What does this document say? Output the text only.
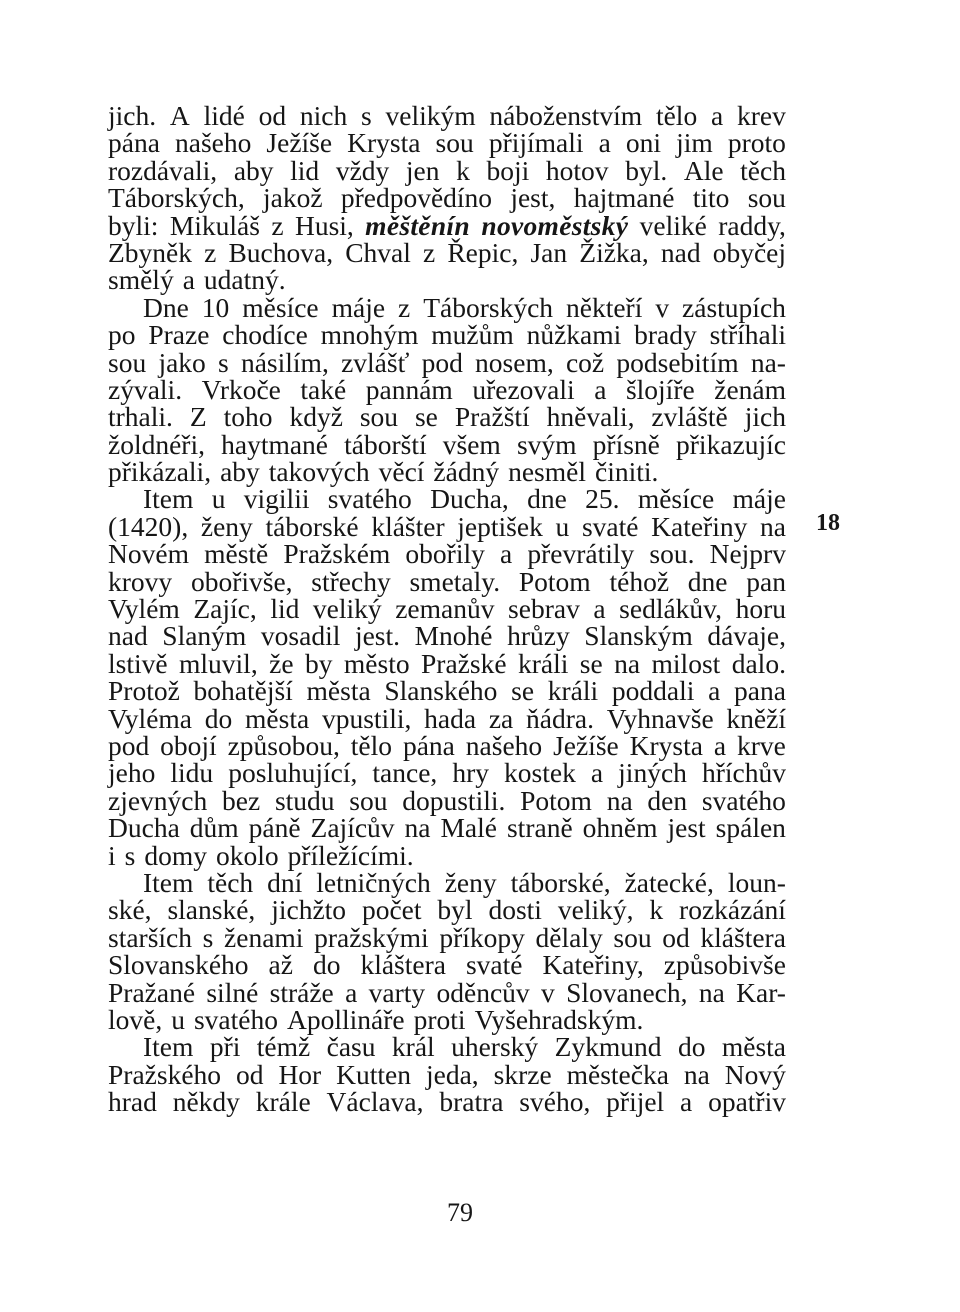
jich. A lidé od nich s velikým náboženstvím tělo a krev
pána našeho Ježíše Krysta sou přijímali a oni jim proto
rozdávali, aby lid vždy jen k boji hotov byl. Ale těch
Táborských, jakož předpovědíno jest, hajtmané tito sou
byli: Mikuláš z Husi, měštěnín novoměstský veliké raddy,
Zbyněk z Buchova, Chval z Řepic, Jan Žižka, nad obyčej
smělý a udatný.
Dne 10 měsíce máje z Táborských někteří v zástupích
po Praze chodíce mnohým mužům nůžkami brady stříhali
sou jako s násilím, zvlášť pod nosem, což podsebitím na-
zývali. Vrkoče také pannám uřezovali a šlojíře ženám
trhali. Z toho když sou se Pražští hněvali, zvláště jich
žoldnéři, haytmané táborští všem svým přísně přikazujíc
přikázali, aby takových věcí žádný nesměl činiti.
Item u vigilii svatého Ducha, dne 25. měsíce máje
(1420), ženy táborské klášter jeptišek u svaté Kateřiny na
Novém městě Pražském obořily a převrátily sou. Nejprv
krovy obořivše, střechy smetaly. Potom téhož dne pan
Vylém Zajíc, lid veliký zemanův sebrav a sedlákův, horu
nad Slaným vosadil jest. Mnohé hrůzy Slanským dávaje,
lstivě mluvil, že by město Pražské králi se na milost dalo.
Protož bohatější města Slanského se králi poddali a pana
Vyléma do města vpustili, hada za ňádra. Vyhnavše kněží
pod obojí způsobou, tělo pána našeho Ježíše Krysta a krve
jeho lidu posluhující, tance, hry kostek a jiných hříchův
zjevných bez studu sou dopustili. Potom na den svatého
Ducha dům páně Zajícův na Malé straně ohněm jest spálen
i s domy okolo příležícími.
Item těch dní letničných ženy táborské, žatecké, loun-
ské, slanské, jichžto počet byl dosti veliký, k rozkázání
starších s ženami pražskými příkopy dělaly sou od kláštera
Slovanského až do kláštera svaté Kateřiny, způsobivše
Pražané silné stráže a varty oděncův v Slovanech, na Kar-
lově, u svatého Apollináře proti Vyšehradským.
Item při témž času král uherský Zykmund do města
Pražského od Hor Kutten jeda, skrze městečka na Nový
hrad někdy krále Václava, bratra svého, přijel a opatřiv
18
79
